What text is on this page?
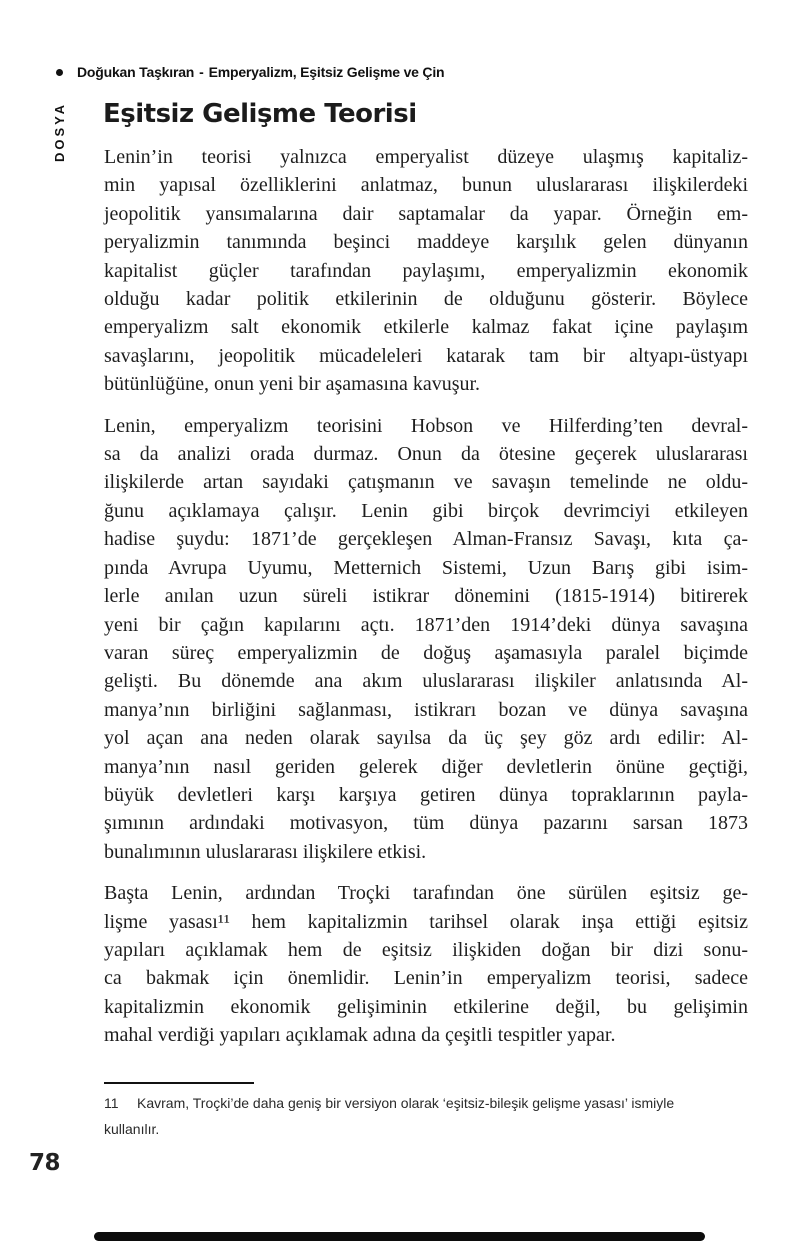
Doğukan Taşkıran - Emperyalizm, Eşitsiz Gelişme ve Çin
DOSYA Eşitsiz Gelişme Teorisi
Lenin’in teorisi yalnızca emperyalist düzeye ulaşmış kapitaliz-
min yapısal özelliklerini anlatmaz, bunun uluslararası ilişkilerdeki
jeopolitik yansımalarına dair saptamalar da yapar. Örneğin em-
peryalizmin tanımında beşinci maddeye karşılık gelen dünyanın
kapitalist güçler tarafından paylaşımı, emperyalizmin ekonomik
olduğu kadar politik etkilerinin de olduğunu gösterir. Böylece
emperyalizm salt ekonomik etkilerle kalmaz fakat içine paylaşım
savaşlarını, jeopolitik mücadeleleri katarak tam bir altyapı-üstyapı
bütünlüğüne, onun yeni bir aşamasına kavuşur.
Lenin, emperyalizm teorisini Hobson ve Hilferding’ten devral-
sa da analizi orada durmaz. Onun da ötesine geçerek uluslararası
ilişkilerde artan sayıdaki çatışmanın ve savaşın temelinde ne oldu-
ğunu açıklamaya çalışır. Lenin gibi birçok devrimciyi etkileyen
hadise şuydu: 1871’de gerçekleşen Alman-Fransız Savaşı, kıta ça-
pında Avrupa Uyumu, Metternich Sistemi, Uzun Barış gibi isim-
lerle anılan uzun süreli istikrar dönemini (1815-1914) bitirerek
yeni bir çağın kapılarını açtı. 1871’den 1914’deki dünya savaşına
varan süreç emperyalizmin de doğuş aşamasıyla paralel biçimde
gelişti. Bu dönemde ana akım uluslararası ilişkiler anlatısında Al-
manya’nın birliğini sağlanması, istikrarı bozan ve dünya savaşına
yol açan ana neden olarak sayılsa da üç şey göz ardı edilir: Al-
manya’nın nasıl geriden gelerek diğer devletlerin önüne geçtiği,
büyük devletleri karşı karşıya getiren dünya topraklarının payla-
şımının ardındaki motivasyon, tüm dünya pazarını sarsan 1873
bunalımının uluslararası ilişkilere etkisi.
Başta Lenin, ardından Troçki tarafından öne sürülen eşitsiz ge-
lişme yasası¹¹ hem kapitalizmin tarihsel olarak inşa ettiği eşitsiz
yapıları açıklamak hem de eşitsiz ilişkiden doğan bir dizi sonu-
ca bakmak için önemlidir. Lenin’in emperyalizm teorisi, sadece
kapitalizmin ekonomik gelişiminin etkilerine değil, bu gelişimin
mahal verdiği yapıları açıklamak adına da çeşitli tespitler yapar.
11 Kavram, Troçki’de daha geniş bir versiyon olarak ‘eşitsiz-bileşik gelişme yasası’ ismiyle
kullanılır.
78
